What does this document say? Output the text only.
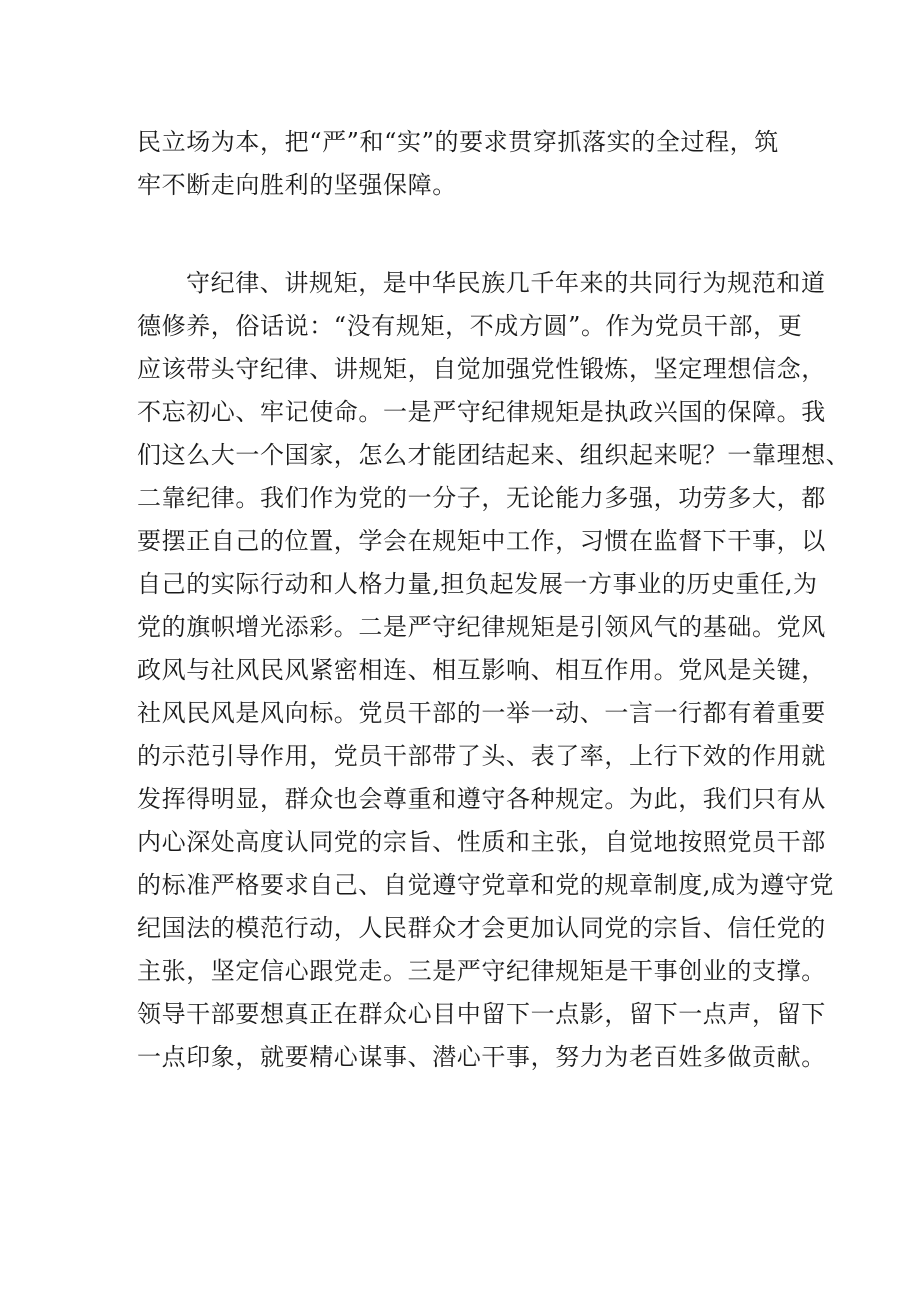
民立场为本，把“严”和“实”的要求贯穿抓落实的全过程，筑
牢不断走向胜利的坚强保障。
守纪律、讲规矩，是中华民族几千年来的共同行为规范和道
德修养，俗话说：“没有规矩，不成方圆”。作为党员干部，更
应该带头守纪律、讲规矩，自觉加强党性锻炼，坚定理想信念，
不忘初心、牢记使命。一是严守纪律规矩是执政兴国的保障。我
们这么大一个国家，怎么才能团结起来、组织起来呢？一靠理想、
二靠纪律。我们作为党的一分子，无论能力多强，功劳多大，都
要摆正自己的位置，学会在规矩中工作，习惯在监督下干事，以
自己的实际行动和人格力量,担负起发展一方事业的历史重任,为
党的旗帜增光添彩。二是严守纪律规矩是引领风气的基础。党风
政风与社风民风紧密相连、相互影响、相互作用。党风是关键，
社风民风是风向标。党员干部的一举一动、一言一行都有着重要
的示范引导作用，党员干部带了头、表了率，上行下效的作用就
发挥得明显，群众也会尊重和遵守各种规定。为此，我们只有从
内心深处高度认同党的宗旨、性质和主张，自觉地按照党员干部
的标准严格要求自己、自觉遵守党章和党的规章制度,成为遵守党
纪国法的模范行动，人民群众才会更加认同党的宗旨、信任党的
主张，坚定信心跟党走。三是严守纪律规矩是干事创业的支撑。
领导干部要想真正在群众心目中留下一点影，留下一点声，留下
一点印象，就要精心谋事、潜心干事，努力为老百姓多做贡献。
